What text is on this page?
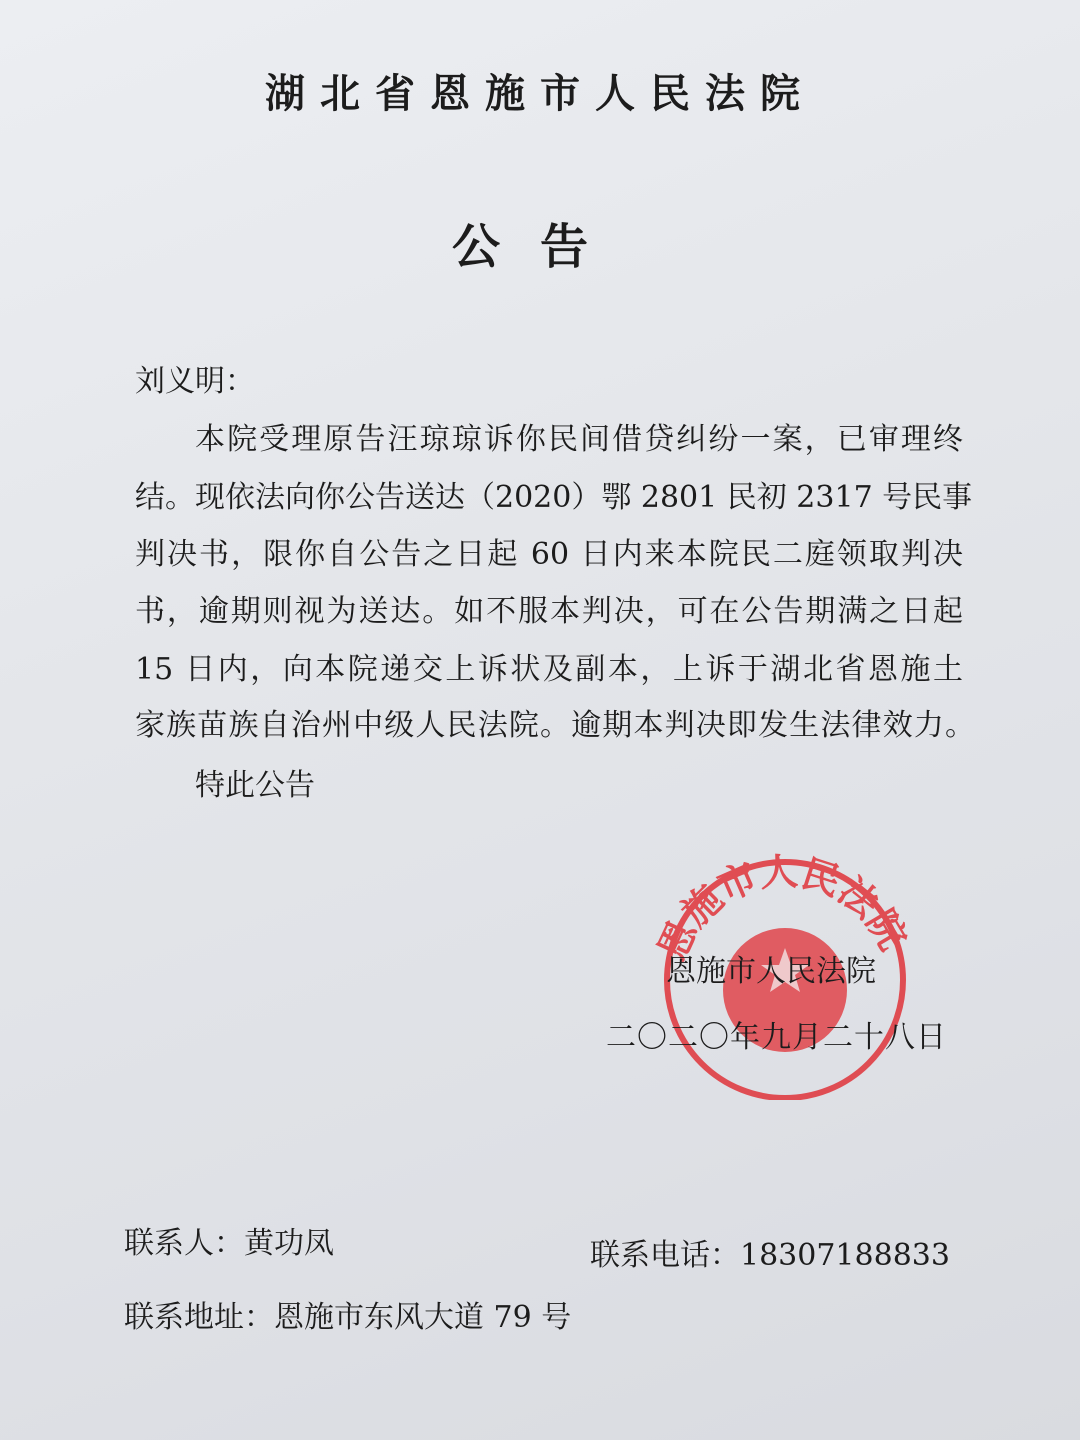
湖北省恩施市人民法院
公告
刘义明：
本院受理原告汪琼琼诉你民间借贷纠纷一案，已审理终
结。现依法向你公告送达（2020）鄂 2801 民初 2317 号民事
判决书，限你自公告之日起 60 日内来本院民二庭领取判决
书，逾期则视为送达。如不服本判决，可在公告期满之日起
15 日内，向本院递交上诉状及副本，上诉于湖北省恩施土
家族苗族自治州中级人民法院。逾期本判决即发生法律效力。
特此公告
恩施市人民法院
恩施市人民法院
二〇二〇年九月二十八日
联系人：黄功凤	联系电话：18307188833
联系地址：恩施市东风大道 79 号
